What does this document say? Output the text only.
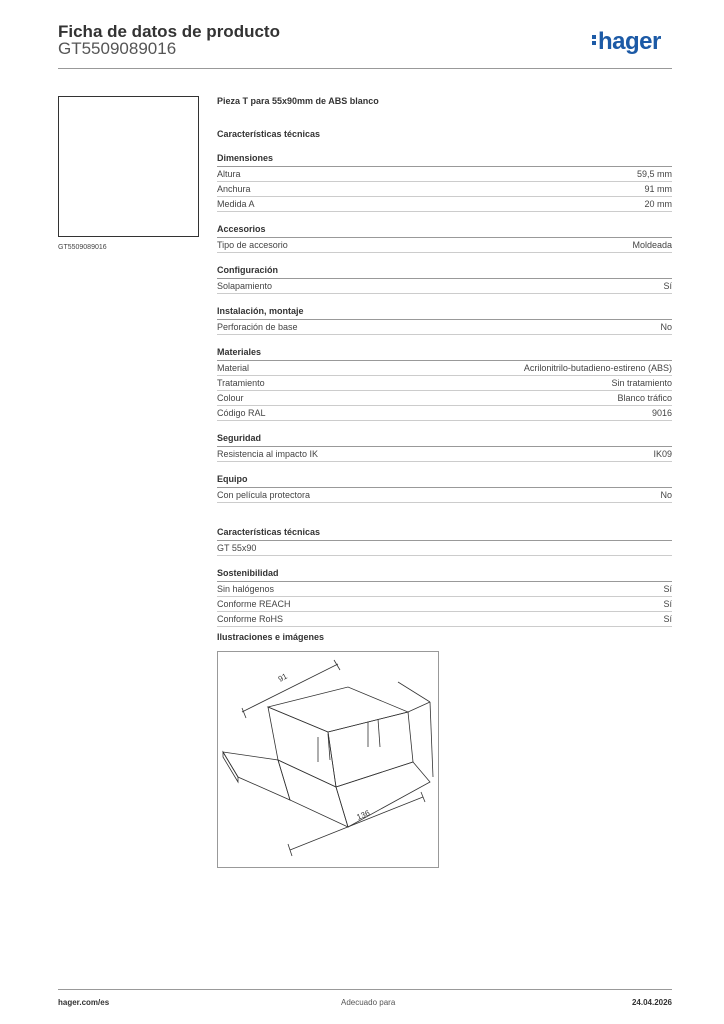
Ficha de datos de producto
GT5509089016	hager
GT5509089016
Pieza T para 55x90mm de ABS blanco
Características técnicas
Dimensiones
Altura	59,5 mm
Anchura	91 mm
Medida A	20 mm
Accesorios
Tipo de accesorio	Moldeada
Configuración
Solapamiento	Sí
Instalación, montaje
Perforación de base	No
Materiales
Material	Acrilonitrilo-butadieno-estireno (ABS)
Tratamiento	Sin tratamiento
Colour	Blanco tráfico
Código RAL	9016
Seguridad
Resistencia al impacto IK	IK09
Equipo
Con película protectora	No
Características técnicas
GT 55x90
Sostenibilidad
Sin halógenos	Sí
Conforme REACH	Sí
Conforme RoHS	Sí
Ilustraciones e imágenes
91
136
hager.com/es	Adecuado para	24.04.2026
